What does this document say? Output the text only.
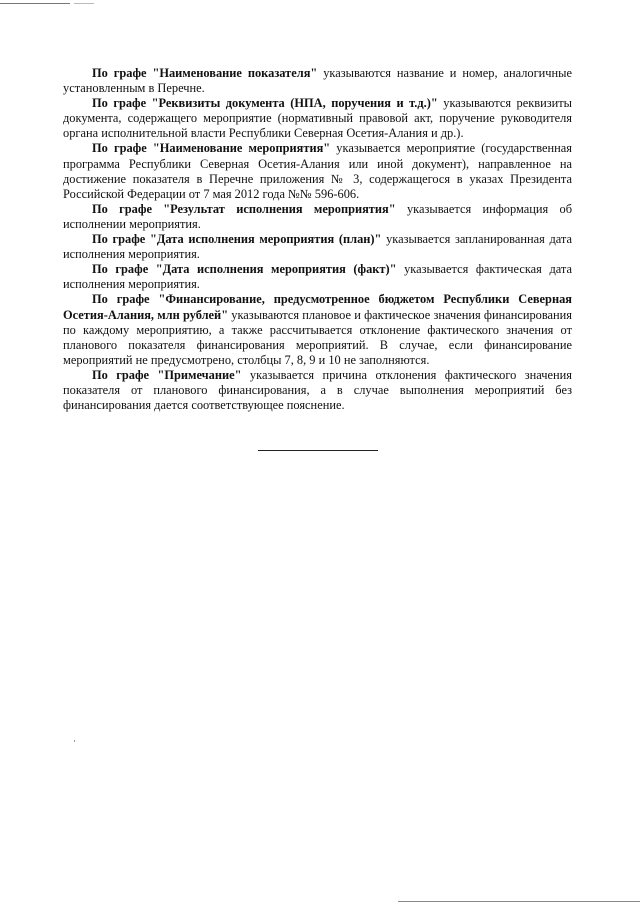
По графе "Наименование показателя" указываются название и номер, аналогичные установленным в Перечне.

По графе "Реквизиты документа (НПА, поручения и т.д.)" указываются реквизиты документа, содержащего мероприятие (нормативный правовой акт, поручение руководителя органа исполнительной власти Республики Северная Осетия-Алания и др.).

По графе "Наименование мероприятия" указывается мероприятие (государственная программа Республики Северная Осетия-Алания или иной документ), направленное на достижение показателя в Перечне приложения № 3, содержащегося в указах Президента Российской Федерации от 7 мая 2012 года №№ 596-606.

По графе "Результат исполнения мероприятия" указывается информация об исполнении мероприятия.

По графе "Дата исполнения мероприятия (план)" указывается запланированная дата исполнения мероприятия.

По графе "Дата исполнения мероприятия (факт)" указывается фактическая дата исполнения мероприятия.

По графе "Финансирование, предусмотренное бюджетом Республики Северная Осетия-Алания, млн рублей" указываются плановое и фактическое значения финансирования по каждому мероприятию, а также рассчитывается отклонение фактического значения от планового показателя финансирования мероприятий. В случае, если финансирование мероприятий не предусмотрено, столбцы 7, 8, 9 и 10 не заполняются.

По графе "Примечание" указывается причина отклонения фактического значения показателя от планового финансирования, а в случае выполнения мероприятий без финансирования дается соответствующее пояснение.
